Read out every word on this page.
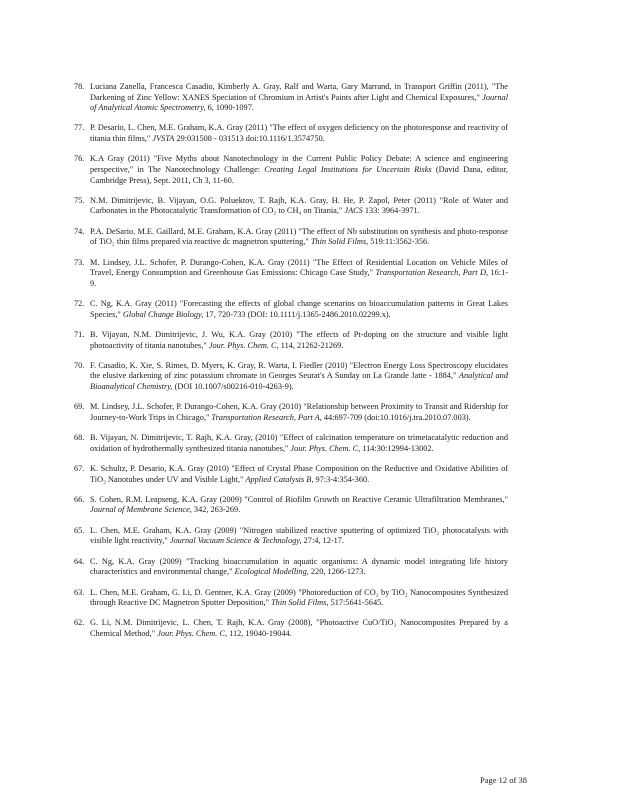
78. Luciana Zanella, Francesca Casadio, Kimberly A. Gray, Ralf and Warta, Gary Marrand, in Transport Griffin (2011), "The Darkening of Zinc Yellow: XANES Speciation of Chromium in Artist's Paints after Light and Chemical Exposures," Journal of Analytical Atomic Spectrometry, 6, 1090-1097.
77. P. Desario, L. Chen, M.E. Graham, K.A. Gray (2011) "The effect of oxygen deficiency on the photoresponse and reactivity of titania thin films," JVSTA 29:031508 - 031513 doi:10.1116/1.3574750.
76. K.A Gray (2011) "Five Myths about Nanotechnology in the Current Public Policy Debate: A science and engineering perspective," in The Nanotechnology Challenge: Creating Legal Institutions for Uncertain Risks (David Dana, editor, Cambridge Press), Sept. 2011, Ch 3, 11-60.
75. N.M. Dimitrijevic, B. Vijayan, O.G. Poluektov, T. Rajh, K.A. Gray, H. He, P. Zapol, Peter (2011) "Role of Water and Carbonates in the Photocatalytic Transformation of CO₂ to CH₄ on Titania," JACS 133: 3964-3971.
74. P.A. DeSario, M.E. Gaillard, M.E. Graham, K.A. Gray (2011) "The effect of Nb substitution on synthesis and photo-response of TiO₂ thin films prepared via reactive dc magnetron sputtering," Thin Solid Films, 519:11:3562-356.
73. M. Lindsey, J.L. Schofer, P. Durango-Cohen, K.A. Gray (2011) "The Effect of Residential Location on Vehicle Miles of Travel, Energy Consumption and Greenhouse Gas Emissions: Chicago Case Study," Transportation Research, Part D, 16:1-9.
72. C. Ng, K.A. Gray (2011) "Forecasting the effects of global change scenarios on bioaccumulation patterns in Great Lakes Species," Global Change Biology, 17, 720-733 (DOI: 10.1111/j.1365-2486.2010.02299.x).
71. B. Vijayan, N.M. Dimitrijevic, J. Wu, K.A. Gray (2010) "The effects of Pt-doping on the structure and visible light photoactivity of titania nanotubes," Jour. Phys. Chem. C, 114, 21262-21269.
70. F. Casadio, K. Xie, S. Rimes, D. Myers, K. Gray, R. Warta, I. Fiedler (2010) "Electron Energy Loss Spectroscopy elucidates the elusive darkening of zinc potassium chromate in Georges Seurat's A Sunday on La Grande Jatte - 1884," Analytical and Bioanalytical Chemistry, (DOI 10.1007/s00216-010-4263-9).
69. M. Lindsey, J.L. Schofer, P. Durango-Cohen, K.A. Gray (2010) "Relationship between Proximity to Transit and Ridership for Journey-to-Work Trips in Chicago," Transportation Research, Part A, 44:697-709 (doi:10.1016/j.tra.2010.07.003).
68. B. Vijayan, N. Dimitrijevic, T. Rajh, K.A. Gray, (2010) "Effect of calcination temperature on trimetacatalytic reduction and oxidation of hydrothermally synthesized titania nanotubes," Jour. Phys. Chem. C, 114:30:12994-13002.
67. K. Schultz, P. Desario, K.A. Gray (2010) "Effect of Crystal Phase Composition on the Reductive and Oxidative Abilities of TiO₂ Nanotubes under UV and Visible Light," Applied Catalysis B, 97:3-4:354-360.
66. S. Cohen, R.M. Leapseng, K.A. Gray (2009) "Control of Biofilm Growth on Reactive Ceramic Ultrafiltration Membranes," Journal of Membrane Science, 342, 263-269.
65. L. Chen, M.E. Graham, K.A. Gray (2009) "Nitrogen stabilized reactive sputtering of optimized TiO₂ photocatalysts with visible light reactivity," Journal Vacuum Science & Technology, 27:4, 12-17.
64. C. Ng, K.A. Gray (2009) "Tracking bioaccumulation in aquatic organisms: A dynamic model integrating life history characteristics and environmental change," Ecological Modelling, 220, 1266-1273.
63. L. Chen, M.E. Graham, G. Li, D. Gentner, K.A. Gray (2009) "Photoreduction of CO₂ by TiO₂ Nanocomposites Synthesized through Reactive DC Magnetron Sputter Deposition," Thin Solid Films, 517:5641-5645.
62. G. Li, N.M. Dimitrijevic, L. Chen, T. Rajh, K.A. Gray (2008), "Photoactive CuO/TiO₂ Nanocomposites Prepared by a Chemical Method," Jour. Phys. Chem. C, 112, 19040-19044.
Page 12 of 38
